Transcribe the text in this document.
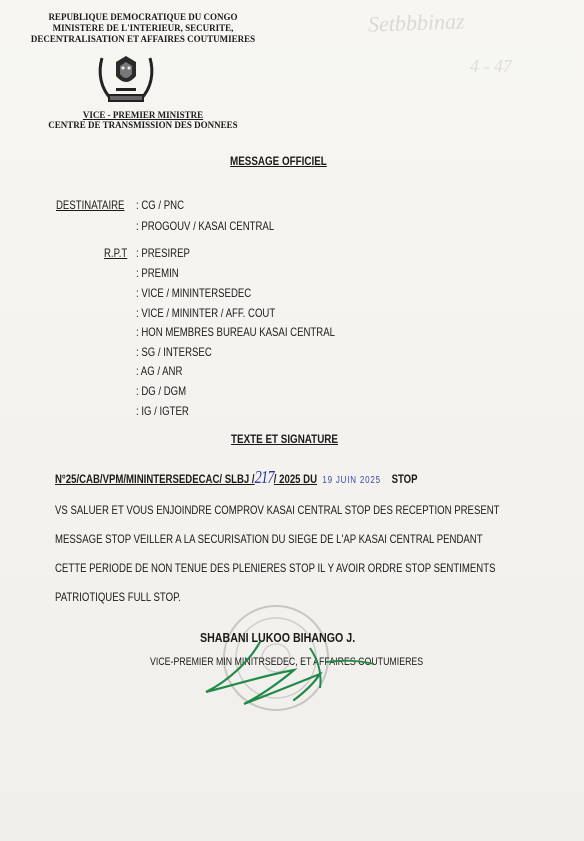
Setbbbinaz
4 - 47
REPUBLIQUE DEMOCRATIQUE DU CONGO
MINISTERE DE L'INTERIEUR, SECURITE,
DECENTRALISATION ET AFFAIRES COUTUMIERES
VICE - PREMIER MINISTRE
CENTRE DE TRANSMISSION DES DONNEES
MESSAGE OFFICIEL
DESTINATAIRE : CG / PNC
: PROGOUV / KASAI CENTRAL
R.P.T : PRESIREP
: PREMIN
: VICE / MININTERSEDEC
: VICE / MININTER / AFF. COUT
: HON MEMBRES BUREAU KASAI CENTRAL
: SG / INTERSEC
: AG / ANR
: DG / DGM
: IG / IGTER
TEXTE ET SIGNATURE
N°25/CAB/VPM/MININTERSEDECAC/ SLBJ /217/ 2025 DU 19 JUIN 2025 STOP
VS SALUER ET VOUS ENJOINDRE COMPROV KASAI CENTRAL STOP DES RECEPTION PRESENT
MESSAGE STOP VEILLER A LA SECURISATION DU SIEGE DE L'AP KASAI CENTRAL PENDANT
CETTE PERIODE DE NON TENUE DES PLENIERES STOP IL Y AVOIR ORDRE STOP SENTIMENTS
PATRIOTIQUES FULL STOP.
SHABANI LUKOO BIHANGO J.
VICE-PREMIER MIN MINITRSEDEC, ET AFFAIRES COUTUMIERES
